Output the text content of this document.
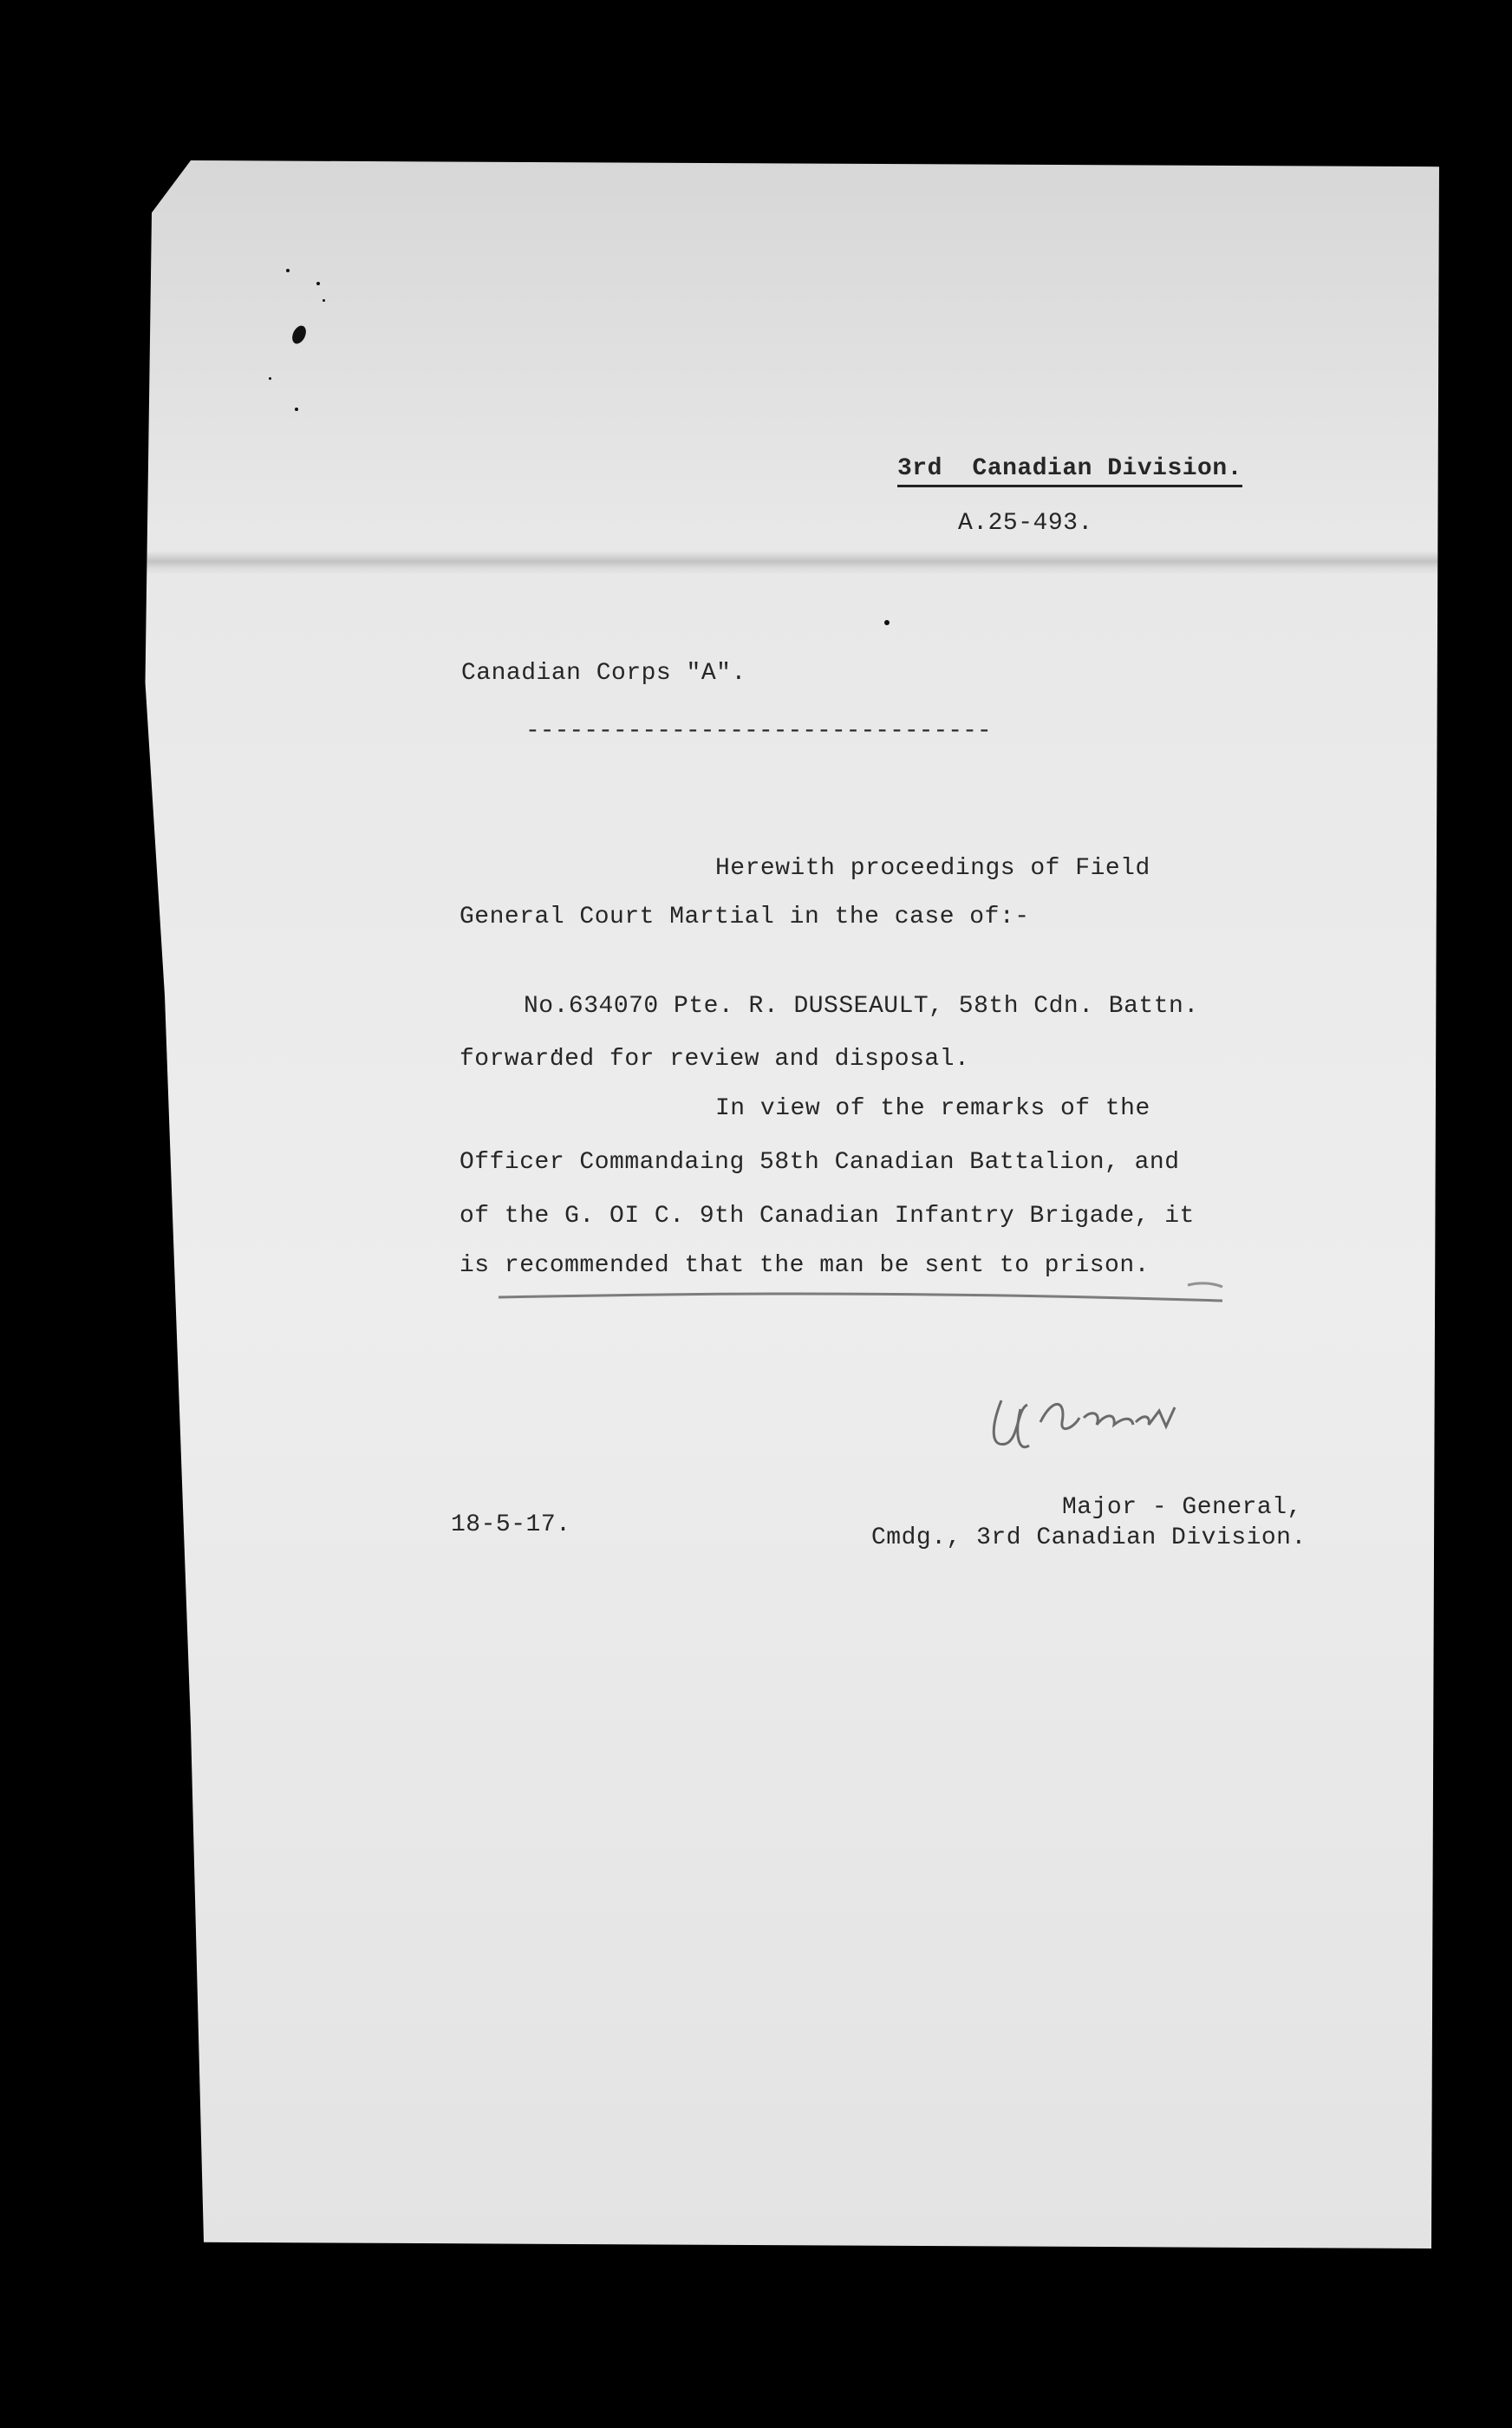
3rd  Canadian Division.
A.25-493.
Canadian Corps "A".
--------------------------------
Herewith proceedings of Field
General Court Martial in the case of:-
No.634070 Pte. R. DUSSEAULT, 58th Cdn. Battn.
forwarded for review and disposal.
In view of the remarks of the
Officer Commandaing 58th Canadian Battalion, and
of the G. OI C. 9th Canadian Infantry Brigade, it
is recommended that the man be sent to prison.
18-5-17.
Major - General,
Cmdg., 3rd Canadian Division.
